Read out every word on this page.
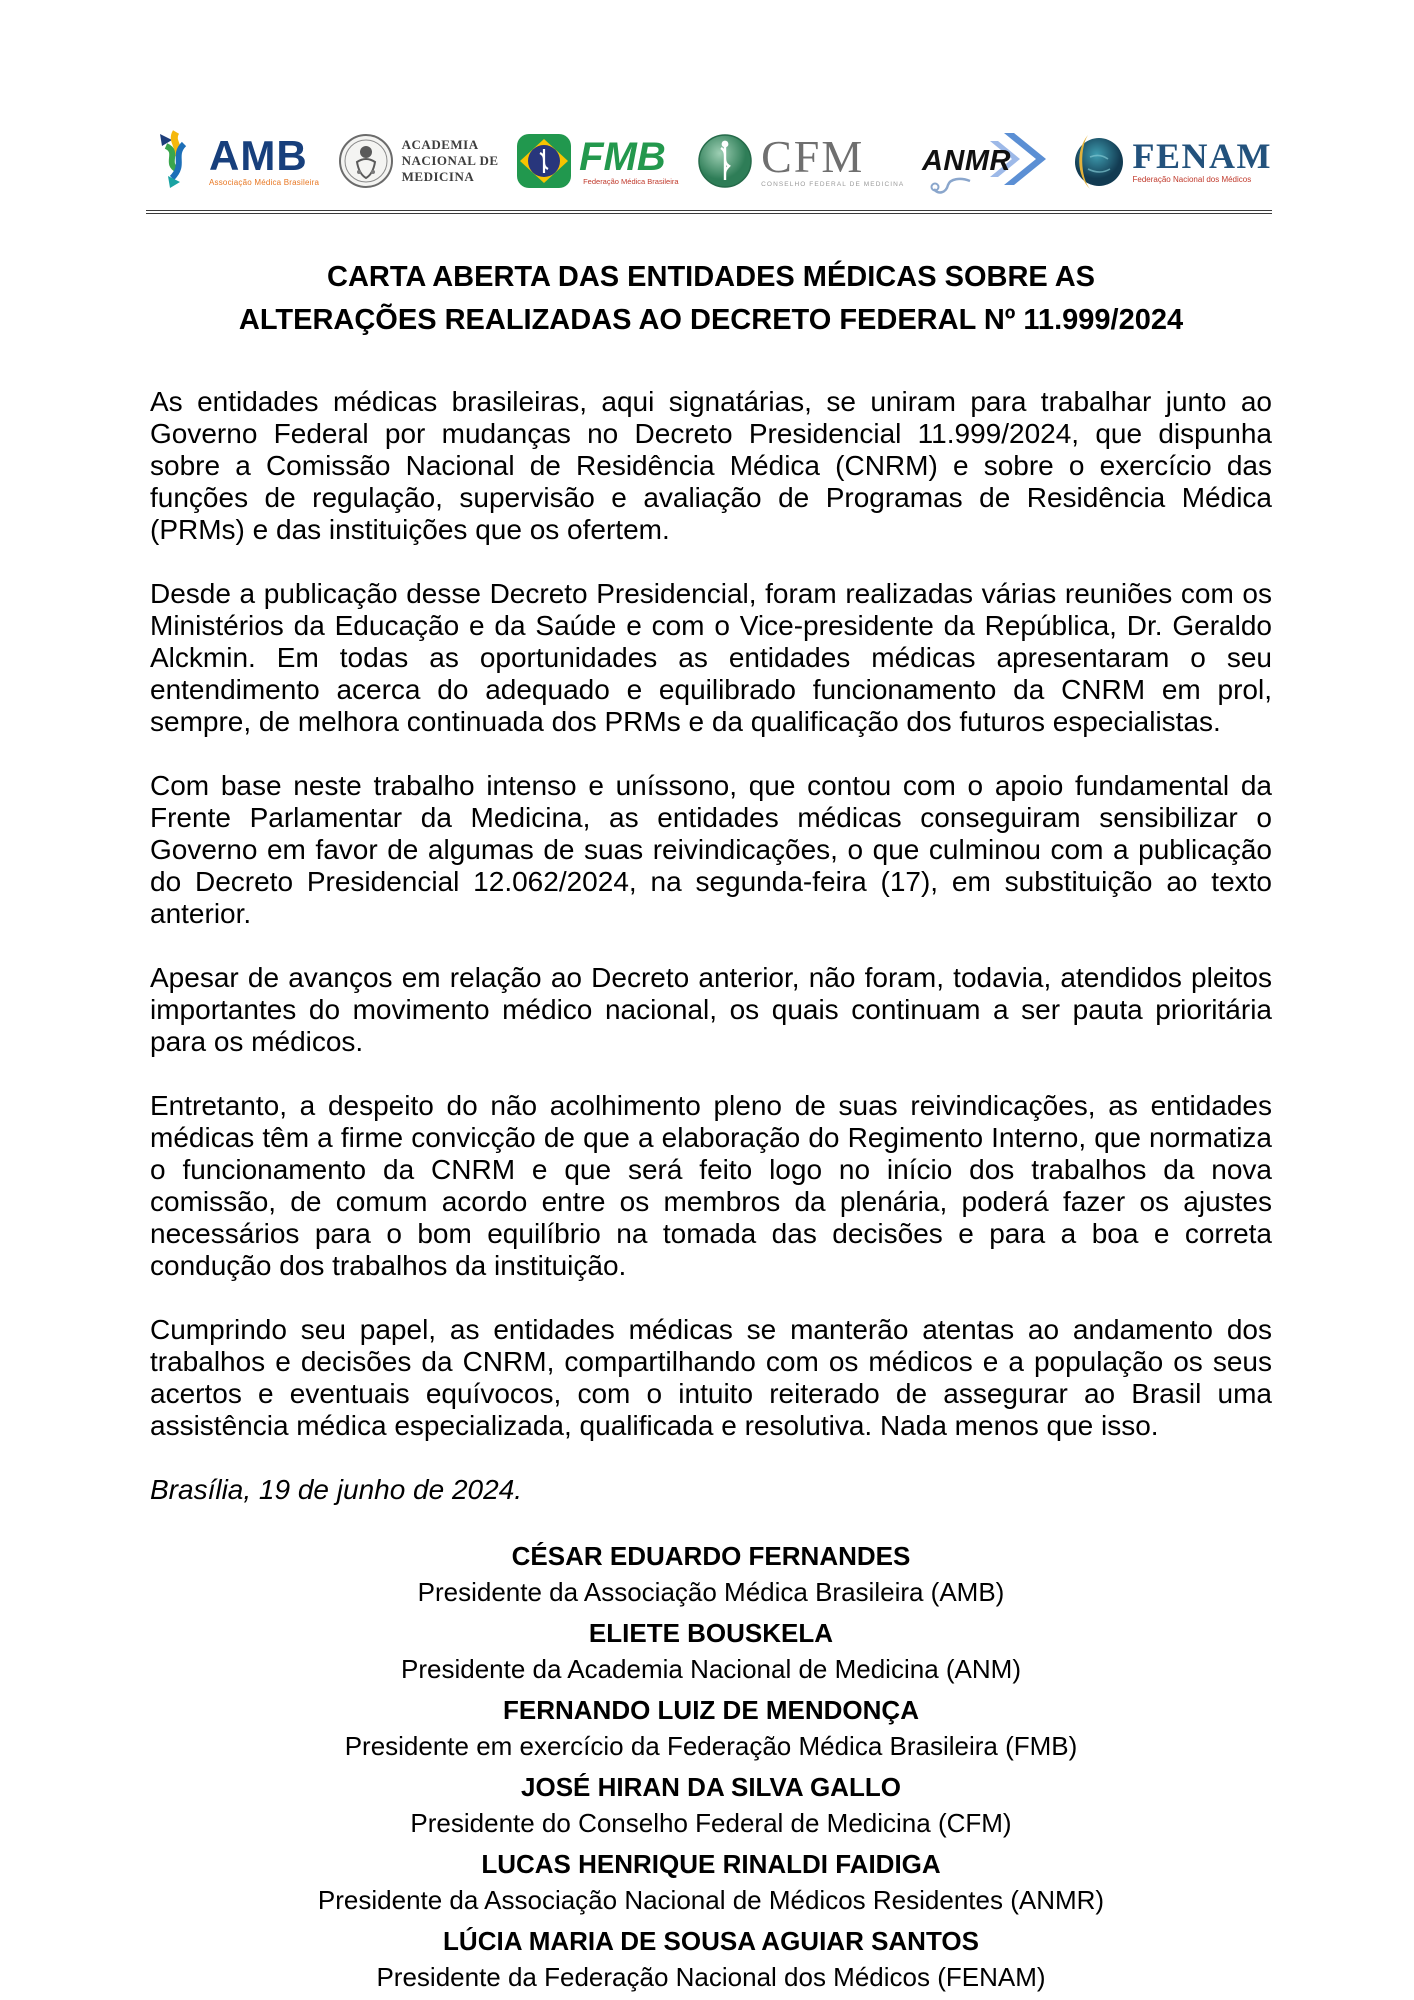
AMB
Associação Médica Brasileira
ACADEMIA
NACIONAL DE
MEDICINA	FMB
Federação Médica Brasileira CFM
CONSELHO FEDERAL DE MEDICINA
ANMR	FENAM
Federação Nacional dos Médicos
CARTA ABERTA DAS ENTIDADES MÉDICAS SOBRE AS
ALTERAÇÕES REALIZADAS AO DECRETO FEDERAL Nº 11.999/2024

As entidades médicas brasileiras, aqui signatárias, se uniram para trabalhar junto ao Governo Federal por mudanças no Decreto Presidencial 11.999/2024, que dispunha sobre a Comissão Nacional de Residência Médica (CNRM) e sobre o exercício das funções de regulação, supervisão e avaliação de Programas de Residência Médica (PRMs) e das instituições que os ofertem.

Desde a publicação desse Decreto Presidencial, foram realizadas várias reuniões com os Ministérios da Educação e da Saúde e com o Vice-presidente da República, Dr. Geraldo Alckmin. Em todas as oportunidades as entidades médicas apresentaram o seu entendimento acerca do adequado e equilibrado funcionamento da CNRM em prol, sempre, de melhora continuada dos PRMs e da qualificação dos futuros especialistas.

Com base neste trabalho intenso e uníssono, que contou com o apoio fundamental da Frente Parlamentar da Medicina, as entidades médicas conseguiram sensibilizar o Governo em favor de algumas de suas reivindicações, o que culminou com a publicação do Decreto Presidencial 12.062/2024, na segunda-feira (17), em substituição ao texto anterior.

Apesar de avanços em relação ao Decreto anterior, não foram, todavia, atendidos pleitos importantes do movimento médico nacional, os quais continuam a ser pauta prioritária para os médicos.

Entretanto, a despeito do não acolhimento pleno de suas reivindicações, as entidades médicas têm a firme convicção de que a elaboração do Regimento Interno, que normatiza o funcionamento da CNRM e que será feito logo no início dos trabalhos da nova comissão, de comum acordo entre os membros da plenária, poderá fazer os ajustes necessários para o bom equilíbrio na tomada das decisões e para a boa e correta condução dos trabalhos da instituição.

Cumprindo seu papel, as entidades médicas se manterão atentas ao andamento dos trabalhos e decisões da CNRM, compartilhando com os médicos e a população os seus acertos e eventuais equívocos, com o intuito reiterado de assegurar ao Brasil uma assistência médica especializada, qualificada e resolutiva. Nada menos que isso.

Brasília, 19 de junho de 2024.

CÉSAR EDUARDO FERNANDES
Presidente da Associação Médica Brasileira (AMB)
ELIETE BOUSKELA
Presidente da Academia Nacional de Medicina (ANM)
FERNANDO LUIZ DE MENDONÇA
Presidente em exercício da Federação Médica Brasileira (FMB)
JOSÉ HIRAN DA SILVA GALLO
Presidente do Conselho Federal de Medicina (CFM)
LUCAS HENRIQUE RINALDI FAIDIGA
Presidente da Associação Nacional de Médicos Residentes (ANMR)
LÚCIA MARIA DE SOUSA AGUIAR SANTOS
Presidente da Federação Nacional dos Médicos (FENAM)
